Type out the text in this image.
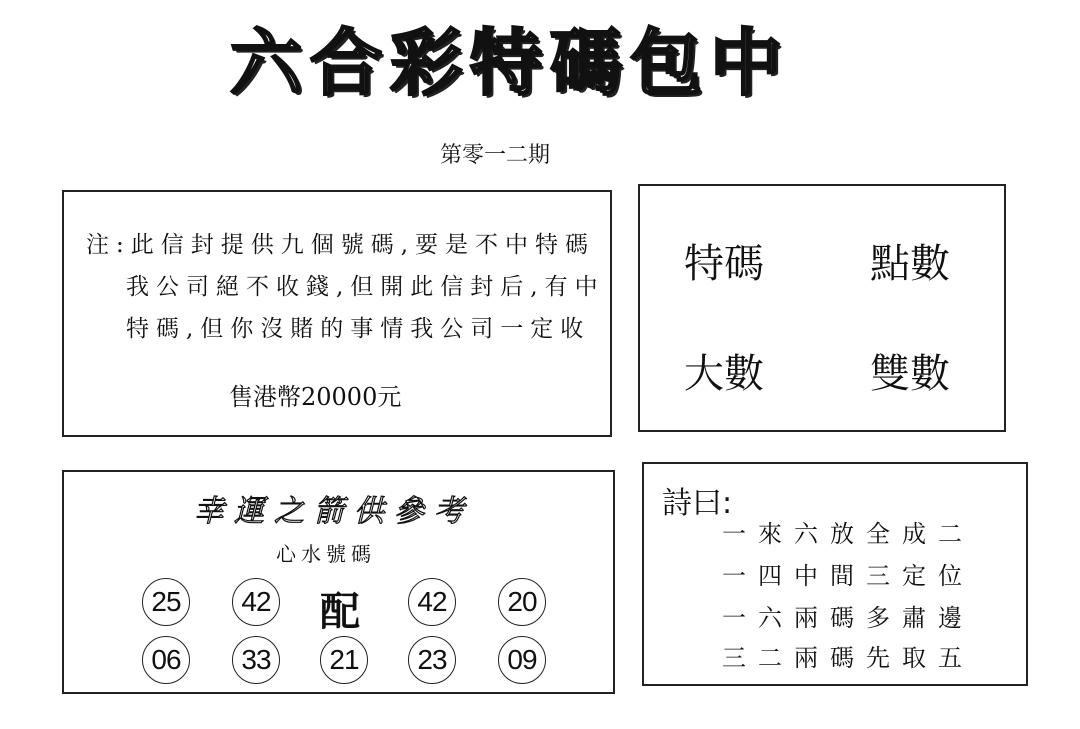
六合彩特碼包中
第零一二期
注:此信封提供九個號碼,要是不中特碼
我公司絕不收錢,但開此信封后,有中
特碼,但你沒賭的事情我公司一定收
售港幣20000元
特碼	點數
大數	雙數
幸運之箭供參考
心水號碼
25	42 配	42	20
06	33	21	23	09
詩曰:
一來六放全成二
一四中間三定位
一六兩碼多肅邊
三二兩碼先取五
